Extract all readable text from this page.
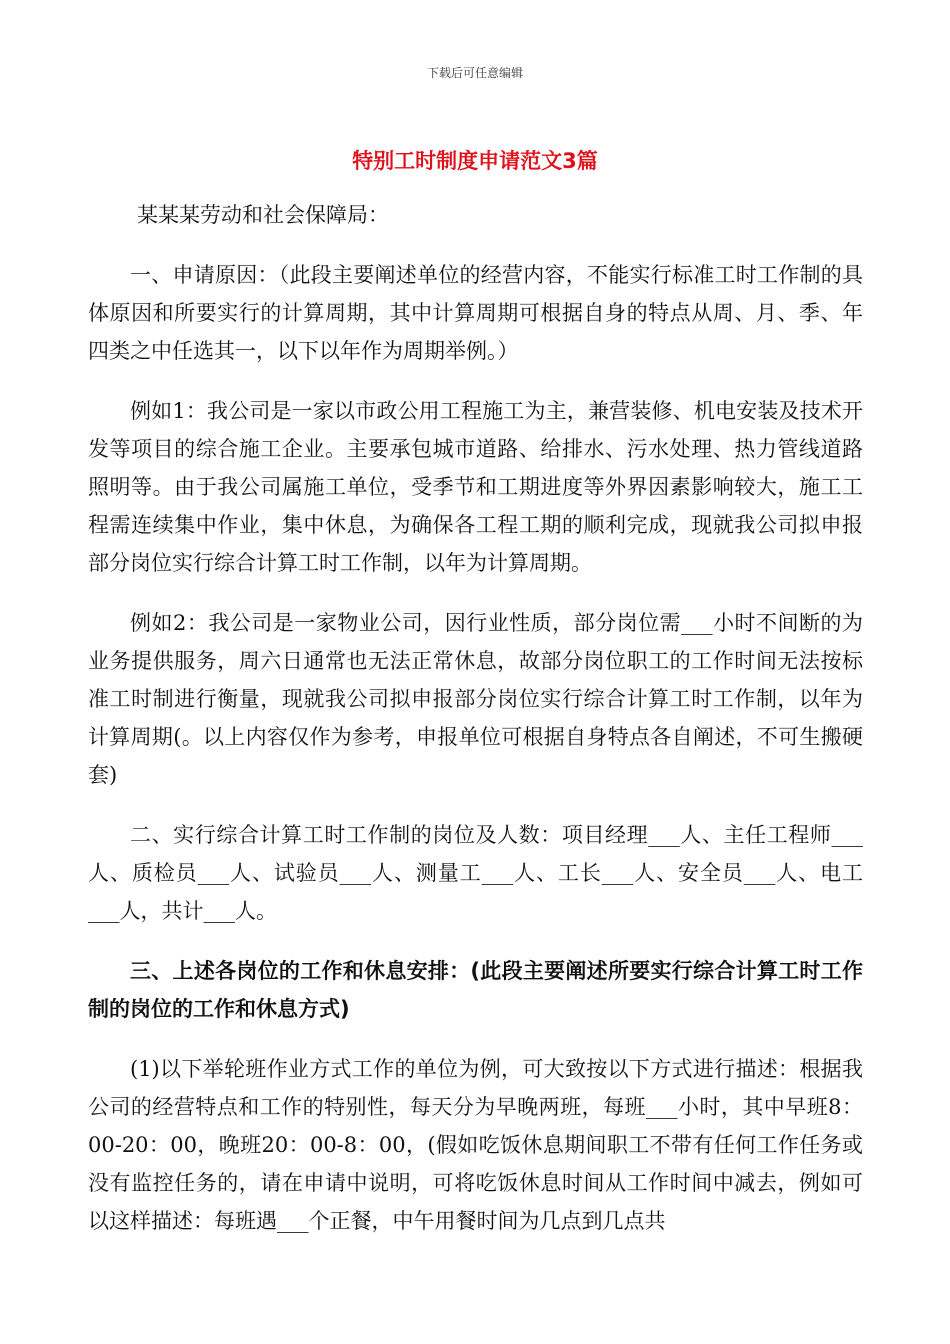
下载后可任意编辑
特别工时制度申请范文3篇

某某某劳动和社会保障局：

一、申请原因：（此段主要阐述单位的经营内容，不能实行标准工时工作制的具体原因和所要实行的计算周期，其中计算周期可根据自身的特点从周、月、季、年四类之中任选其一，以下以年作为周期举例。）

例如1：我公司是一家以市政公用工程施工为主，兼营装修、机电安装及技术开发等项目的综合施工企业。主要承包城市道路、给排水、污水处理、热力管线道路照明等。由于我公司属施工单位，受季节和工期进度等外界因素影响较大，施工工程需连续集中作业，集中休息，为确保各工程工期的顺利完成，现就我公司拟申报部分岗位实行综合计算工时工作制，以年为计算周期。

例如2：我公司是一家物业公司，因行业性质，部分岗位需___小时不间断的为业务提供服务，周六日通常也无法正常休息，故部分岗位职工的工作时间无法按标准工时制进行衡量，现就我公司拟申报部分岗位实行综合计算工时工作制，以年为计算周期(。以上内容仅作为参考，申报单位可根据自身特点各自阐述，不可生搬硬套)

二、实行综合计算工时工作制的岗位及人数：项目经理___人、主任工程师___人、质检员___人、试验员___人、测量工___人、工长___人、安全员___人、电工___人，共计___人。

三、上述各岗位的工作和休息安排：(此段主要阐述所要实行综合计算工时工作制的岗位的工作和休息方式)

(1)以下举轮班作业方式工作的单位为例，可大致按以下方式进行描述：根据我公司的经营特点和工作的特别性，每天分为早晚两班，每班___小时，其中早班8：00-20：00，晚班20：00-8：00，(假如吃饭休息期间职工不带有任何工作任务或没有监控任务的，请在申请中说明，可将吃饭休息时间从工作时间中减去，例如可以这样描述：每班遇___个正餐，中午用餐时间为几点到几点共
